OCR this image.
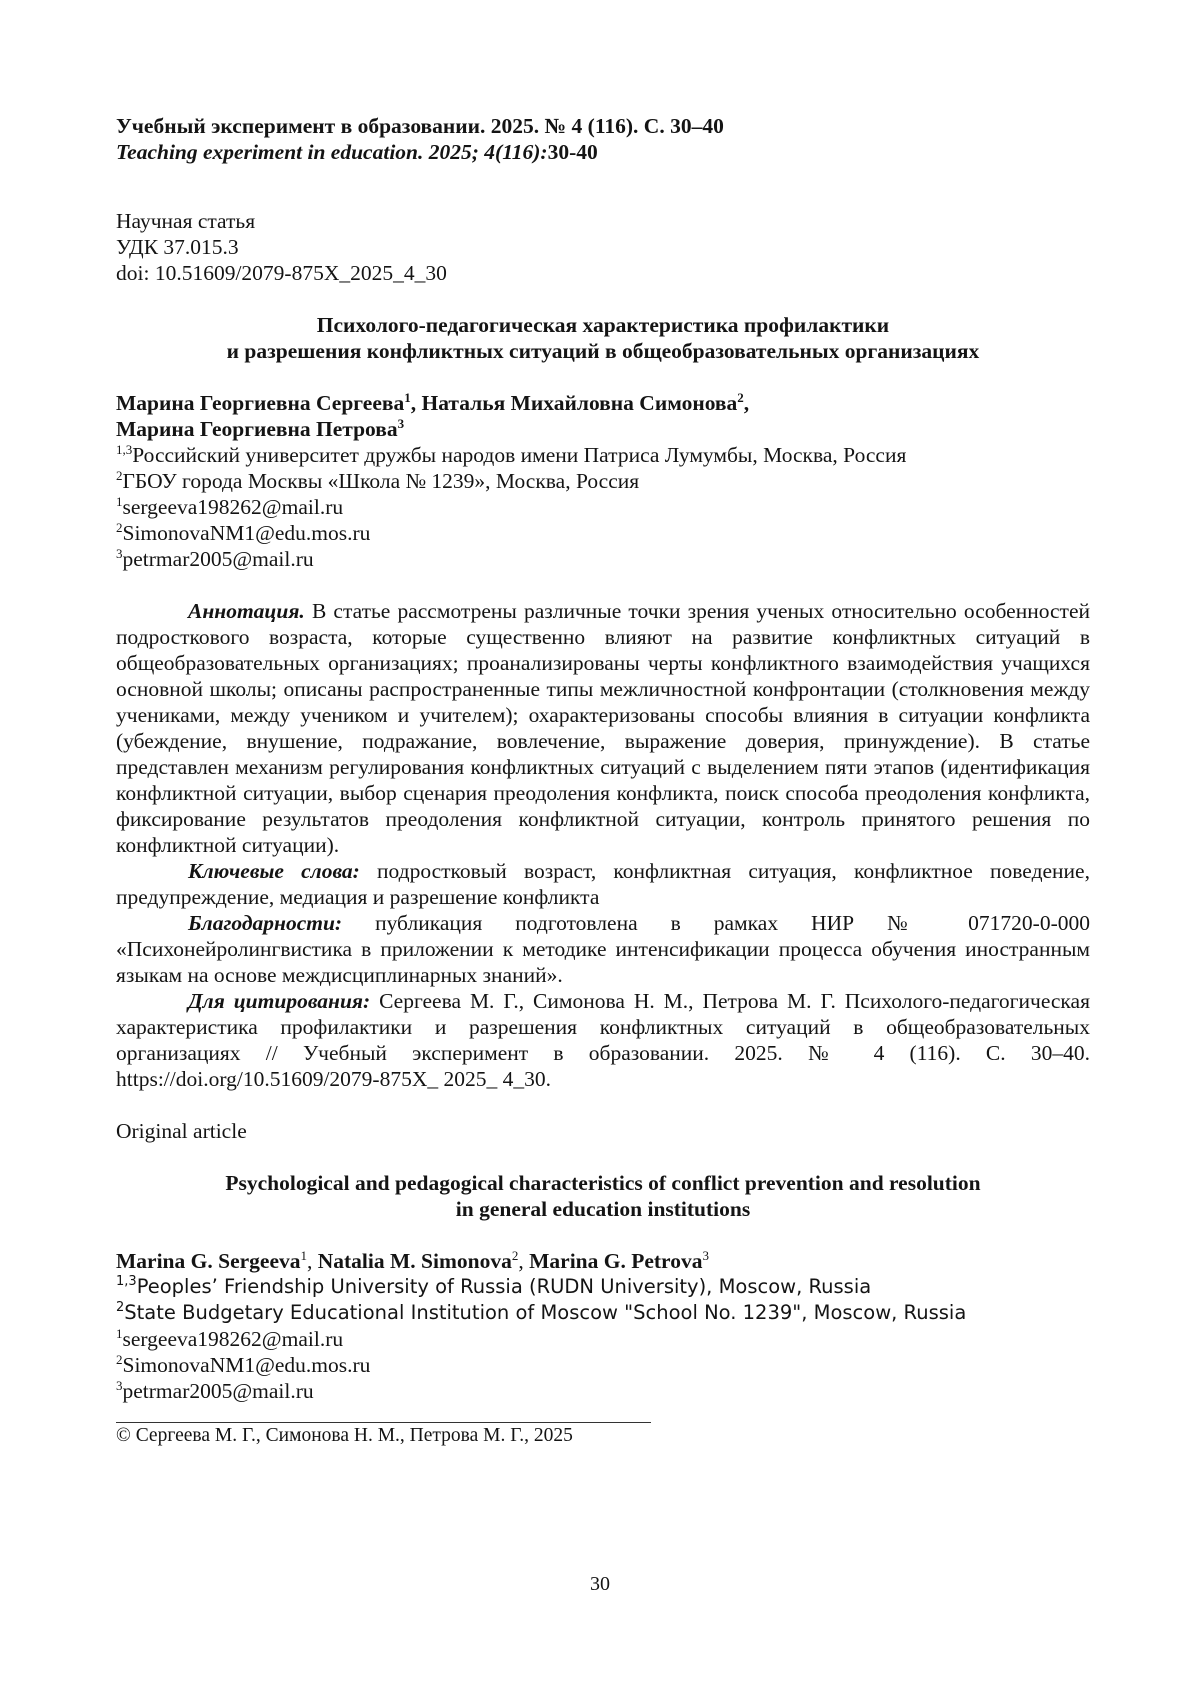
Учебный эксперимент в образовании. 2025. № 4 (116). С. 30–40
Teaching experiment in education. 2025; 4(116):30-40
Научная статья
УДК 37.015.3
doi: 10.51609/2079-875X_2025_4_30
Психолого-педагогическая характеристика профилактики
и разрешения конфликтных ситуаций в общеобразовательных организациях
Марина Георгиевна Сергеева$^1$, Наталья Михайловна Симонова$^2$,
Марина Георгиевна Петрова$^3$
$^{1,3}$Российский университет дружбы народов имени Патриса Лумумбы, Москва, Россия
$^2$ГБОУ города Москвы «Школа № 1239», Москва, Россия
$^1$sergeeva198262@mail.ru
$^2$SimonovaNM1@edu.mos.ru
$^3$petrmar2005@mail.ru

Аннотация. В статье рассмотрены различные точки зрения ученых относительно особенностей подросткового возраста, которые существенно влияют на развитие конфликтных ситуаций в общеобразовательных организациях; проанализированы черты конфликтного взаимодействия учащихся основной школы; описаны распространенные типы межличностной конфронтации (столкновения между учениками, между учеником и учителем); охарактеризованы способы влияния в ситуации конфликта (убеждение, внушение, подражание, вовлечение, выражение доверия, принуждение). В статье представлен механизм регулирования конфликтных ситуаций с выделением пяти этапов (идентификация конфликтной ситуации, выбор сценария преодоления конфликта, поиск способа преодоления конфликта, фиксирование результатов преодоления конфликтной ситуации, контроль принятого решения по конфликтной ситуации).

Ключевые слова: подростковый возраст, конфликтная ситуация, конфликтное поведение, предупреждение, медиация и разрешение конфликта

Благодарности: публикация подготовлена в рамках НИР № 071720-0-000 «Психонейролингвистика в приложении к методике интенсификации процесса обучения иностранным языкам на основе междисциплинарных знаний».

Для цитирования: Сергеева М. Г., Симонова Н. М., Петрова М. Г. Психолого-педагогическая характеристика профилактики и разрешения конфликтных ситуаций в общеобразовательных организациях // Учебный эксперимент в образовании. 2025. № 4 (116). С. 30–40. https://doi.org/10.51609/2079-875X_ 2025_ 4_30.

Original article
Psychological and pedagogical characteristics of conflict prevention and resolution
in general education institutions
Marina G. Sergeeva$^1$, Natalia M. Simonova$^2$, Marina G. Petrova$^3$
$^{1,3}$Peoples’ Friendship University of Russia (RUDN University), Moscow, Russia
$^2$State Budgetary Educational Institution of Moscow "School No. 1239", Moscow, Russia
$^1$sergeeva198262@mail.ru
$^2$SimonovaNM1@edu.mos.ru
$^3$petrmar2005@mail.ru
© Сергеева М. Г., Симонова Н. М., Петрова М. Г., 2025
30
